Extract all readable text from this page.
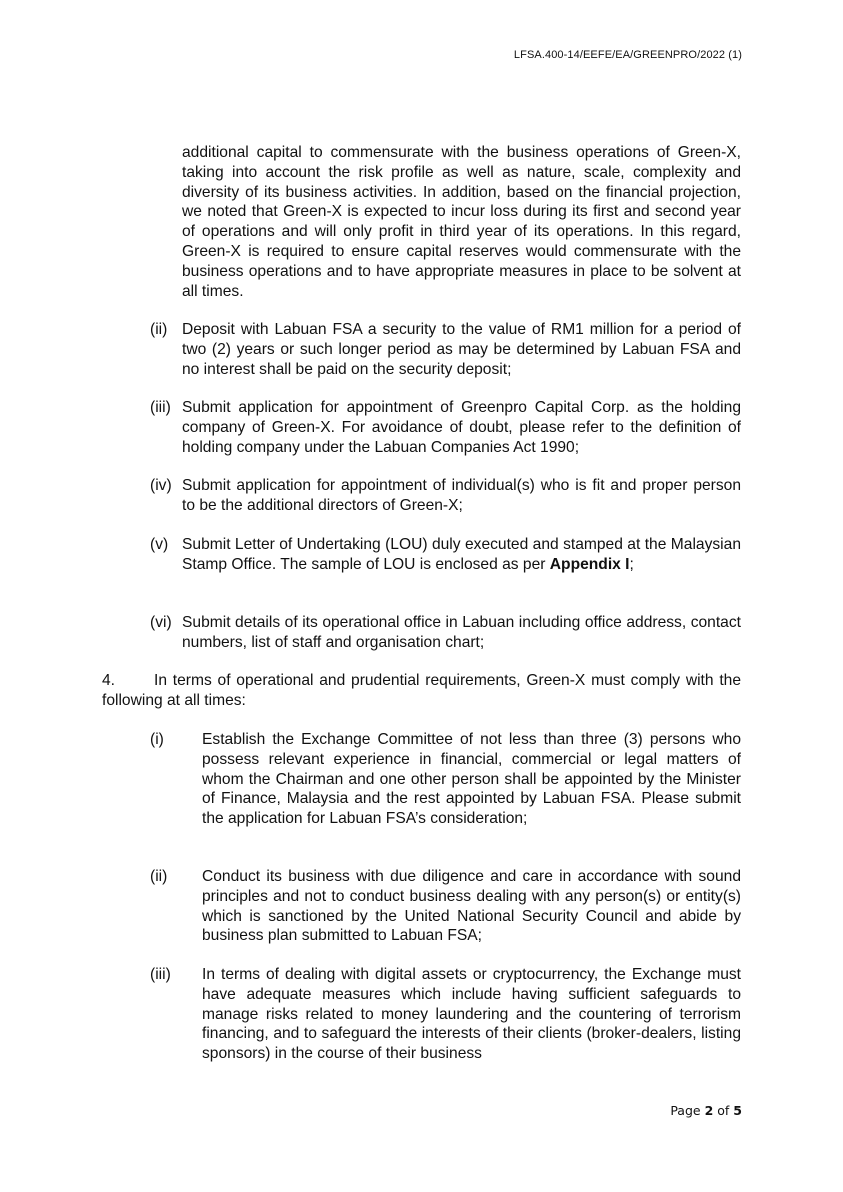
LFSA.400-14/EEFE/EA/GREENPRO/2022 (1)

additional capital to commensurate with the business operations of Green-X, taking into account the risk profile as well as nature, scale, complexity and diversity of its business activities. In addition, based on the financial projection, we noted that Green-X is expected to incur loss during its first and second year of operations and will only profit in third year of its operations. In this regard, Green-X is required to ensure capital reserves would commensurate with the business operations and to have appropriate measures in place to be solvent at all times.

(ii) Deposit with Labuan FSA a security to the value of RM1 million for a period of two (2) years or such longer period as may be determined by Labuan FSA and no interest shall be paid on the security deposit;

(iii) Submit application for appointment of Greenpro Capital Corp. as the holding company of Green-X. For avoidance of doubt, please refer to the definition of holding company under the Labuan Companies Act 1990;

(iv) Submit application for appointment of individual(s) who is fit and proper person to be the additional directors of Green-X;

(v) Submit Letter of Undertaking (LOU) duly executed and stamped at the Malaysian Stamp Office. The sample of LOU is enclosed as per Appendix I;

(vi) Submit details of its operational office in Labuan including office address, contact numbers, list of staff and organisation chart;

4. In terms of operational and prudential requirements, Green-X must comply with the following at all times:

(i) Establish the Exchange Committee of not less than three (3) persons who possess relevant experience in financial, commercial or legal matters of whom the Chairman and one other person shall be appointed by the Minister of Finance, Malaysia and the rest appointed by Labuan FSA. Please submit the application for Labuan FSA’s consideration;

(ii) Conduct its business with due diligence and care in accordance with sound principles and not to conduct business dealing with any person(s) or entity(s) which is sanctioned by the United National Security Council and abide by business plan submitted to Labuan FSA;

(iii) In terms of dealing with digital assets or cryptocurrency, the Exchange must have adequate measures which include having sufficient safeguards to manage risks related to money laundering and the countering of terrorism financing, and to safeguard the interests of their clients (broker-dealers, listing sponsors) in the course of their business

Page 2 of 5
